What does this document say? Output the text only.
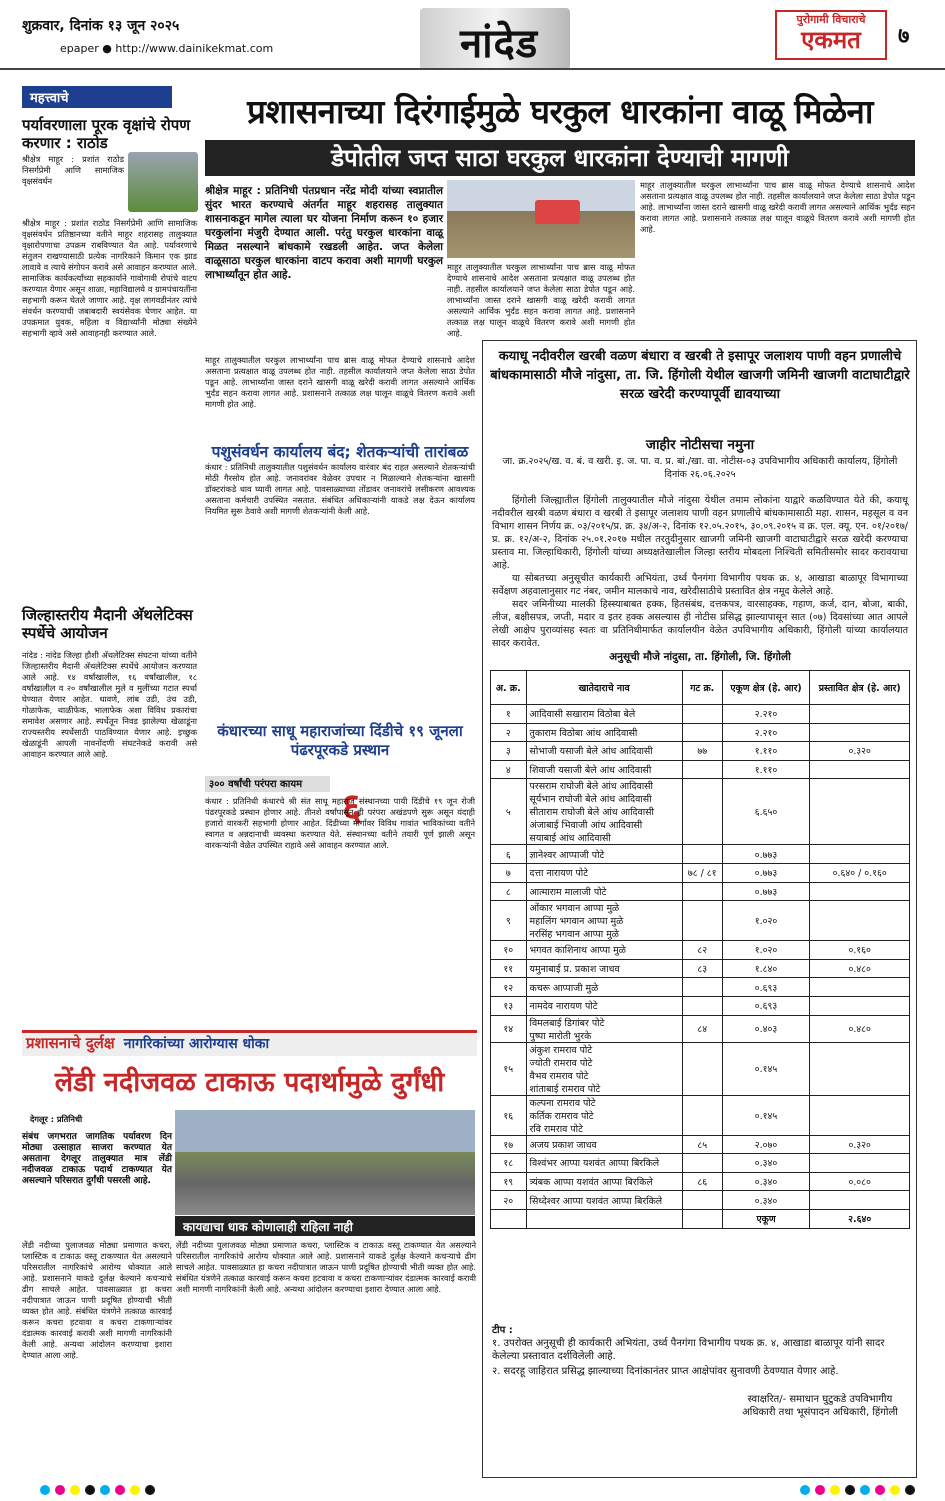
शुक्रवार, दिनांक १३ जून २०२५
epaper ● http://www.dainikekmat.com	नांदेड
पुरोगामी विचाराचे
एकमत	७
महत्त्वाचे
पर्यावरणाला पूरक वृक्षांचे रोपण करणार : राठोड
श्रीक्षेत्र माहूर : प्रशांत राठोड निसर्गप्रेमी आणि सामाजिक वृक्षसंवर्धन
श्रीक्षेत्र माहूर : प्रशांत राठोड निसर्गप्रेमी आणि सामाजिक वृक्षसंवर्धन प्रतिष्ठानच्या वतीने माहूर शहरासह तालुक्यात वृक्षारोपणाचा उपक्रम राबविण्यात येत आहे. पर्यावरणाचे संतुलन राखण्यासाठी प्रत्येक नागरिकाने किमान एक झाड लावावे व त्याचे संगोपन करावे असे आवाहन करण्यात आले. सामाजिक कार्यकर्त्यांच्या सहकार्याने गावोगावी रोपांचे वाटप करण्यात येणार असून शाळा, महाविद्यालये व ग्रामपंचायतींना सहभागी करून घेतले जाणार आहे. वृक्ष लागवडीनंतर त्यांचे संवर्धन करण्याची जबाबदारी स्वयंसेवक घेणार आहेत. या उपक्रमात युवक, महिला व विद्यार्थ्यांनी मोठ्या संख्येने सहभागी व्हावे असे आवाहनही करण्यात आले.
जिल्हास्तरीय मैदानी अ‍ॅथलेटिक्स स्पर्धेचे आयोजन
नांदेड : नांदेड जिल्हा हौशी अ‍ॅथलेटिक्स संघटना यांच्या वतीने जिल्हास्तरीय मैदानी अ‍ॅथलेटिक्स स्पर्धेचे आयोजन करण्यात आले आहे. १४ वर्षांखालील, १६ वर्षांखालील, १८ वर्षांखालील व २० वर्षांखालील मुले व मुलींच्या गटात स्पर्धा घेण्यात येणार आहेत. धावणे, लांब उडी, उंच उडी, गोळाफेक, थाळीफेक, भालाफेक अशा विविध प्रकारांचा समावेश असणार आहे. स्पर्धेतून निवड झालेल्या खेळाडूंना राज्यस्तरीय स्पर्धेसाठी पाठविण्यात येणार आहे. इच्छुक खेळाडूंनी आपली नावनोंदणी संघटनेकडे करावी असे आवाहन करण्यात आले आहे.
प्रशासनाच्या दिरंगाईमुळे घरकुल धारकांना वाळू मिळेना
डेपोतील जप्त साठा घरकुल धारकांना देण्याची मागणी
श्रीक्षेत्र माहूर : प्रतिनिधी पंतप्रधान नरेंद्र मोदी यांच्या स्वप्नातील सुंदर भारत करण्याचे अंतर्गत माहूर शहरासह तालुक्यात शासनाकडून मागेल त्याला घर योजना निर्माण करून १० हजार घरकुलांना मंजुरी देण्यात आली. परंतु घरकुल धारकांना वाळू मिळत नसल्याने बांधकामे रखडली आहेत. जप्त केलेला वाळूसाठा घरकुल धारकांना वाटप करावा अशी मागणी घरकुल लाभार्थ्यांतून होत आहे.
माहूर तालुक्यातील घरकुल लाभार्थ्यांना पाच ब्रास वाळू मोफत देण्याचे शासनाचे आदेश असताना प्रत्यक्षात वाळू उपलब्ध होत नाही. तहसील कार्यालयाने जप्त केलेला साठा डेपोत पडून आहे. लाभार्थ्यांना जास्त दराने खासगी वाळू खरेदी करावी लागत असल्याने आर्थिक भुर्दंड सहन करावा लागत आहे. प्रशासनाने तत्काळ लक्ष घालून वाळूचे वितरण करावे अशी मागणी होत आहे.
माहूर तालुक्यातील घरकुल लाभार्थ्यांना पाच ब्रास वाळू मोफत देण्याचे शासनाचे आदेश असताना प्रत्यक्षात वाळू उपलब्ध होत नाही. तहसील कार्यालयाने जप्त केलेला साठा डेपोत पडून आहे. लाभार्थ्यांना जास्त दराने खासगी वाळू खरेदी करावी लागत असल्याने आर्थिक भुर्दंड सहन करावा लागत आहे. प्रशासनाने तत्काळ लक्ष घालून वाळूचे वितरण करावे अशी मागणी होत आहे.
माहूर तालुक्यातील घरकुल लाभार्थ्यांना पाच ब्रास वाळू मोफत देण्याचे शासनाचे आदेश असताना प्रत्यक्षात वाळू उपलब्ध होत नाही. तहसील कार्यालयाने जप्त केलेला साठा डेपोत पडून आहे. लाभार्थ्यांना जास्त दराने खासगी वाळू खरेदी करावी लागत असल्याने आर्थिक भुर्दंड सहन करावा लागत आहे. प्रशासनाने तत्काळ लक्ष घालून वाळूचे वितरण करावे अशी मागणी होत आहे.
पशुसंवर्धन कार्यालय बंद; शेतकऱ्यांची तारांबळ
कंधार : प्रतिनिधी तालुक्यातील पशुसंवर्धन कार्यालय वारंवार बंद राहत असल्याने शेतकऱ्यांची मोठी गैरसोय होत आहे. जनावरांवर वेळेवर उपचार न मिळाल्याने शेतकऱ्यांना खासगी डॉक्टरांकडे धाव घ्यावी लागत आहे. पावसाळ्याच्या तोंडावर जनावरांचे लसीकरण आवश्यक असताना कर्मचारी उपस्थित नसतात. संबंधित अधिकाऱ्यांनी याकडे लक्ष देऊन कार्यालय नियमित सुरू ठेवावे अशी मागणी शेतकऱ्यांनी केली आहे.
कंधारच्या साधू महाराजांच्या दिंडीचे १९ जूनला पंढरपूरकडे प्रस्थान
३०० वर्षांची परंपरा कायम
६
कंधार : प्रतिनिधी कंधारचे श्री संत साधू महाराज संस्थानच्या पायी दिंडीचे १९ जून रोजी पंढरपूरकडे प्रस्थान होणार आहे. तीनशे वर्षांपासून ही परंपरा अखंडपणे सुरू असून यंदाही हजारो वारकरी सहभागी होणार आहेत. दिंडीच्या मार्गावर विविध गावांत भाविकांच्या वतीने स्वागत व अन्नदानाची व्यवस्था करण्यात येते. संस्थानच्या वतीने तयारी पूर्ण झाली असून वारकऱ्यांनी वेळेत उपस्थित राहावे असे आवाहन करण्यात आले.
प्रशासनाचे दुर्लक्ष नागरिकांच्या आरोग्यास धोका
लेंडी नदीजवळ टाकाऊ पदार्थामुळे दुर्गंधी
देगलूर : प्रतिनिधी
संबंध जगभरात जागतिक पर्यावरण दिन मोठ्या उत्साहात साजरा करण्यात येत असताना देगलूर तालुक्यात मात्र लेंडी नदीजवळ टाकाऊ पदार्थ टाकण्यात येत असल्याने परिसरात दुर्गंधी पसरली आहे.
कायद्याचा धाक कोणालाही राहिला नाही
लेंडी नदीच्या पुलाजवळ मोठ्या प्रमाणात कचरा, प्लास्टिक व टाकाऊ वस्तू टाकण्यात येत असल्याने परिसरातील नागरिकांचे आरोग्य धोक्यात आले आहे. प्रशासनाने याकडे दुर्लक्ष केल्याने कचऱ्याचे ढीग साचले आहेत. पावसाळ्यात हा कचरा नदीपात्रात जाऊन पाणी प्रदूषित होण्याची भीती व्यक्त होत आहे. संबंधित यंत्रणेने तत्काळ कारवाई करून कचरा हटवावा व कचरा टाकणाऱ्यांवर दंडात्मक कारवाई करावी अशी मागणी नागरिकांनी केली आहे. अन्यथा आंदोलन करण्याचा इशारा देण्यात आला आहे.
लेंडी नदीच्या पुलाजवळ मोठ्या प्रमाणात कचरा, प्लास्टिक व टाकाऊ वस्तू टाकण्यात येत असल्याने परिसरातील नागरिकांचे आरोग्य धोक्यात आले आहे. प्रशासनाने याकडे दुर्लक्ष केल्याने कचऱ्याचे ढीग साचले आहेत. पावसाळ्यात हा कचरा नदीपात्रात जाऊन पाणी प्रदूषित होण्याची भीती व्यक्त होत आहे. संबंधित यंत्रणेने तत्काळ कारवाई करून कचरा हटवावा व कचरा टाकणाऱ्यांवर दंडात्मक कारवाई करावी अशी मागणी नागरिकांनी केली आहे. अन्यथा आंदोलन करण्याचा इशारा देण्यात आला आहे.
कयाधू नदीवरील खरबी वळण बंधारा व खरबी ते इसापूर जलाशय पाणी वहन प्रणालीचे बांधकामासाठी मौजे नांदुसा, ता. जि. हिंगोली येथील खाजगी जमिनी खाजगी वाटाघाटीद्वारे सरळ खरेदी करण्यापूर्वी द्यावयाच्या
जाहीर नोटीसचा नमुना
जा. क्र.२०२५/ख. व. बं. व खरी. इ. ज. पा. व. प्र. बां./खा. वा. नोटीस-०३ उपविभागीय अधिकारी कार्यालय, हिंगोली दिनांक २६.०६.२०२५

हिंगोली जिल्ह्यातील हिंगोली तालुक्यातील मौजे नांदुसा येथील तमाम लोकांना याद्वारे कळविण्यात येते की, कयाधू नदीवरील खरबी वळण बंधारा व खरबी ते इसापूर जलाशय पाणी वहन प्रणालीचे बांधकामासाठी महा. शासन, महसूल व वन विभाग शासन निर्णय क्र. ०३/२०१५/प्र. क्र. ३४/अ-२, दिनांक १२.०५.२०१५, ३०.०९.२०१५ व क्र. एल. क्यू. एन. ०१/२०१७/प्र. क्र. १२/अ-२, दिनांक २५.०१.२०१७ मधील तरतुदीनुसार खाजगी जमिनी खाजगी वाटाघाटीद्वारे सरळ खरेदी करण्याचा प्रस्ताव मा. जिल्हाधिकारी, हिंगोली यांच्या अध्यक्षतेखालील जिल्हा स्तरीय मोबदला निश्चिती समितीसमोर सादर करावयाचा आहे.

या सोबतच्या अनुसूचीत कार्यकारी अभियंता, उर्ध्व पैनगंगा विभागीय पथक क्र. ४, आखाडा बाळापूर विभागाच्या सर्वेक्षण अहवालानुसार गट नंबर, जमीन मालकाचे नाव, खरेदीसाठीचे प्रस्तावित क्षेत्र नमूद केलेले आहे.

सदर जमिनीच्या मालकी हिस्स्याबाबत हक्क, हितसंबंध, दत्तकपत्र, वारसाहक्क, गहाण, कर्ज, दान, बोजा, बाकी, लीज, बक्षीसपत्र, जप्ती, मदार व इतर हक्क असल्यास ही नोटीस प्रसिद्ध झाल्यापासून सात (०७) दिवसांच्या आत आपले लेखी आक्षेप पुराव्यांसह स्वतः वा प्रतिनिधीमार्फत कार्यालयीन वेळेत उपविभागीय अधिकारी, हिंगोली यांच्या कार्यालयात सादर करावेत.

अनुसूची मौजे नांदुसा, ता. हिंगोली, जि. हिंगोली
अ. क्र.	खातेदाराचे नाव	गट क्र.	एकूण क्षेत्र (हे. आर)	प्रस्तावित क्षेत्र (हे. आर)
१	आदिवासी सखाराम विठोबा बेले		२.२१०	
२	तुकाराम विठोबा आंध आदिवासी		२.२१०	
३	सोभाजी यसाजी बेले आंध आदिवासी	७७	१.११०	०.३२०
४	शिवाजी यसाजी बेले आंध आदिवासी		१.११०	
५	परसराम राघोजी बेले आंध आदिवासी
सूर्यभान राघोजी बेले आंध आदिवासी
सीताराम राघोजी बेले आंध आदिवासी
अंजाबाई भिवाजी आंध आदिवासी
सयाबाई आंध आदिवासी		६.६५०	
६	ज्ञानेश्वर आप्पाजी पोटे		०.७७३	
७	दत्ता नारायण पोटे	७८ / ८१	०.७७३	०.६४० / ०.१६०
८	आत्माराम मालाजी पोटे		०.७७३	
९	ओंकार भगवान आप्पा मुळे
महालिंग भगवान आप्पा मुळे
नरसिंह भगवान आप्पा मुळे		१.०२०	
१०	भगवत काशिनाथ आप्पा मुळे	८२	१.०२०	०.१६०
११	यमुनाबाई प्र. प्रकाश जाधव	८३	१.८४०	०.४८०
१२	कचरू आप्पाजी मुळे		०.६९३	
१३	नामदेव नारायण पोटे		०.६९३	
१४	विमलबाई डिगांबर पोटे
पुष्पा मारोती भुरके	८४	०.४०३	०.४८०
१५	अंकुश रामराव पोटे
ज्योती रामराव पोटे
वैभव रामराव पोटे
शांताबाई रामराव पोटे		०.१४५	
१६	कल्पना रामराव पोटे
कर्तिक रामराव पोटे
रवि रामराव पोटे		०.१४५	
१७	अजय प्रकाश जाधव	८५	२.०७०	०.३२०
१८	विश्वंभर आप्पा यशवंत आप्पा बिरकिले		०.३४०	
१९	त्र्यंबक आप्पा यशवंत आप्पा बिरकिले	८६	०.३४०	०.०८०
२०	सिध्देश्वर आप्पा यशवंत आप्पा बिरकिले		०.३४०	
			एकूण	२.६४०
टीप :
१. उपरोक्त अनुसूची ही कार्यकारी अभियंता, उर्ध्व पैनगंगा विभागीय पथक क्र. ४, आखाडा बाळापूर यांनी सादर केलेल्या प्रस्तावात दर्शविलेली आहे.
२. सदरहू जाहिरात प्रसिद्ध झाल्याच्या दिनांकानंतर प्राप्त आक्षेपांवर सुनावणी ठेवण्यात येणार आहे.
स्वाक्षरित/- समाधान घुटुकडे उपविभागीय अधिकारी तथा भूसंपादन अधिकारी, हिंगोली
